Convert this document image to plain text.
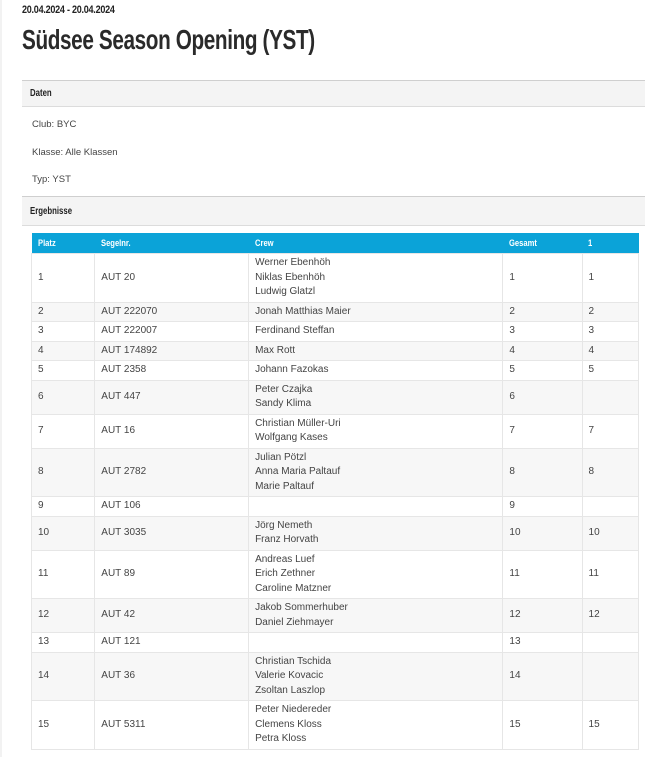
20.04.2024 - 20.04.2024
Südsee Season Opening (YST)
Daten
Club: BYC
Klasse: Alle Klassen
Typ: YST
Ergebnisse
Platz	Segelnr.	Crew	Gesamt	1
1	AUT 20	Werner Ebenhöh
Niklas Ebenhöh
Ludwig Glatzl	1	1
2	AUT 222070	Jonah Matthias Maier	2	2
3	AUT 222007	Ferdinand Steffan	3	3
4	AUT 174892	Max Rott	4	4
5	AUT 2358	Johann Fazokas	5	5
6	AUT 447	Peter Czajka
Sandy Klima	6	
7	AUT 16	Christian Müller-Uri
Wolfgang Kases	7	7
8	AUT 2782	Julian Pötzl
Anna Maria Paltauf
Marie Paltauf	8	8
9	AUT 106		9	
10	AUT 3035	Jörg Nemeth
Franz Horvath	10	10
11	AUT 89	Andreas Luef
Erich Zethner
Caroline Matzner	11	11
12	AUT 42	Jakob Sommerhuber
Daniel Ziehmayer	12	12
13	AUT 121		13	
14	AUT 36	Christian Tschida
Valerie Kovacic
Zsoltan Laszlop	14	
15	AUT 5311	Peter Niedereder
Clemens Kloss
Petra Kloss	15	15
